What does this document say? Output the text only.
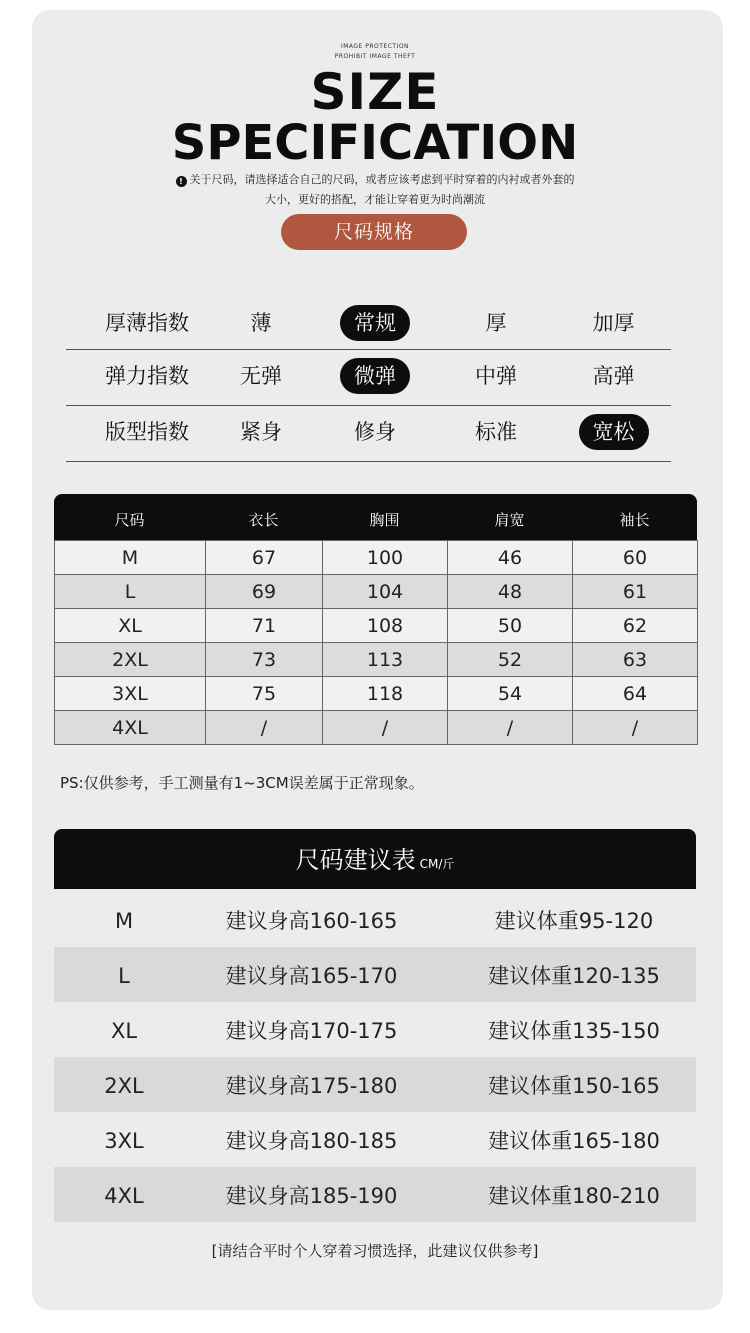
IMAGE PROTECTION
PROHIBIT IMAGE THEFT
SIZE
SPECIFICATION
! 关于尺码，请选择适合自己的尺码，或者应该考虑到平时穿着的内衬或者外套的
大小，更好的搭配，才能让穿着更为时尚潮流
尺码规格
厚薄指数	薄	常规	厚	加厚
弹力指数	无弹	微弹	中弹	高弹
版型指数	紧身	修身	标准	宽松
尺码	衣长	胸围	肩宽	袖长
M	67	100	46	60
L	69	104	48	61
XL	71	108	50	62
2XL	73	113	52	63
3XL	75	118	54	64
4XL	/	/	/	/
PS:仅供参考，手工测量有1~3CM误差属于正常现象。
尺码建议表 CM/斤
M	建议身高160-165	建议体重95-120
L	建议身高165-170	建议体重120-135
XL	建议身高170-175	建议体重135-150
2XL	建议身高175-180	建议体重150-165
3XL	建议身高180-185	建议体重165-180
4XL	建议身高185-190	建议体重180-210
[请结合平时个人穿着习惯选择，此建议仅供参考]
